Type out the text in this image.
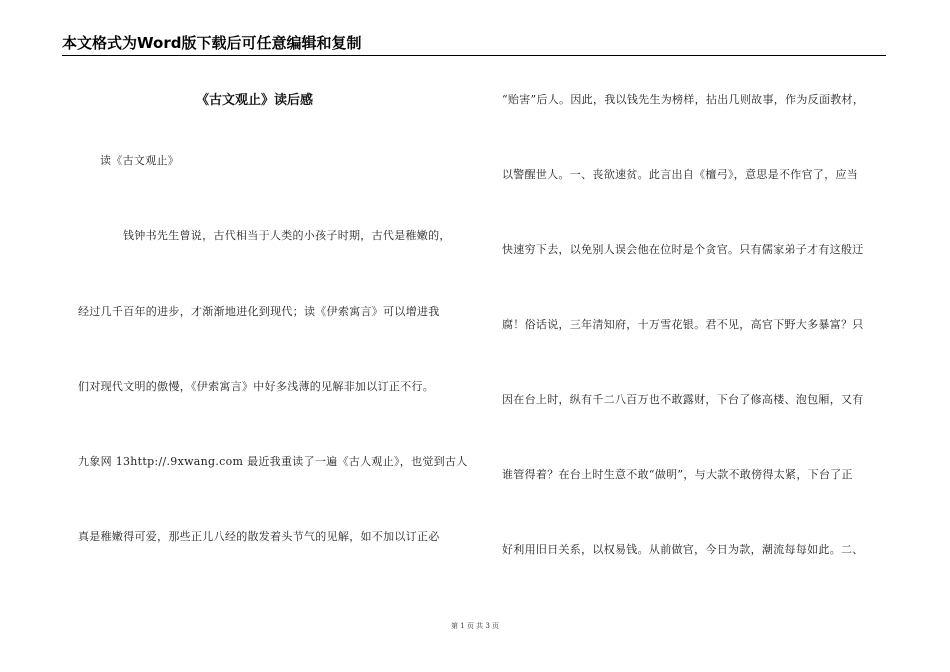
本文格式为Word版下载后可任意编辑和复制
《古文观止》读后感
读《古文观止》
钱钟书先生曾说，古代相当于人类的小孩子时期，古代是稚嫩的，
经过几千百年的进步，才渐渐地进化到现代；读《伊索寓言》可以增进我
们对现代文明的傲慢，《伊索寓言》中好多浅薄的见解非加以订正不行。
九象网 13http://.9xwang.com 最近我重读了一遍《古人观止》，也觉到古人
真是稚嫩得可爱，那些正儿八经的散发着头节气的见解，如不加以订正必
“贻害”后人。因此，我以钱先生为榜样，拈出几则故事，作为反面教材，
以警醒世人。一、丧欲速贫。此言出自《檀弓》，意思是不作官了，应当
快速穷下去，以免别人误会他在位时是个贪官。只有儒家弟子才有这般迂
腐！俗话说，三年清知府，十万雪花银。君不见，高官下野大多暴富？只
因在台上时，纵有千二八百万也不敢露财，下台了修高楼、泡包厢，又有
谁管得着？在台上时生意不敢“做明”，与大款不敢傍得太紧，下台了正
好利用旧日关系，以权易钱。从前做官，今日为款，潮流每每如此。二、
第 1 页 共 3 页
